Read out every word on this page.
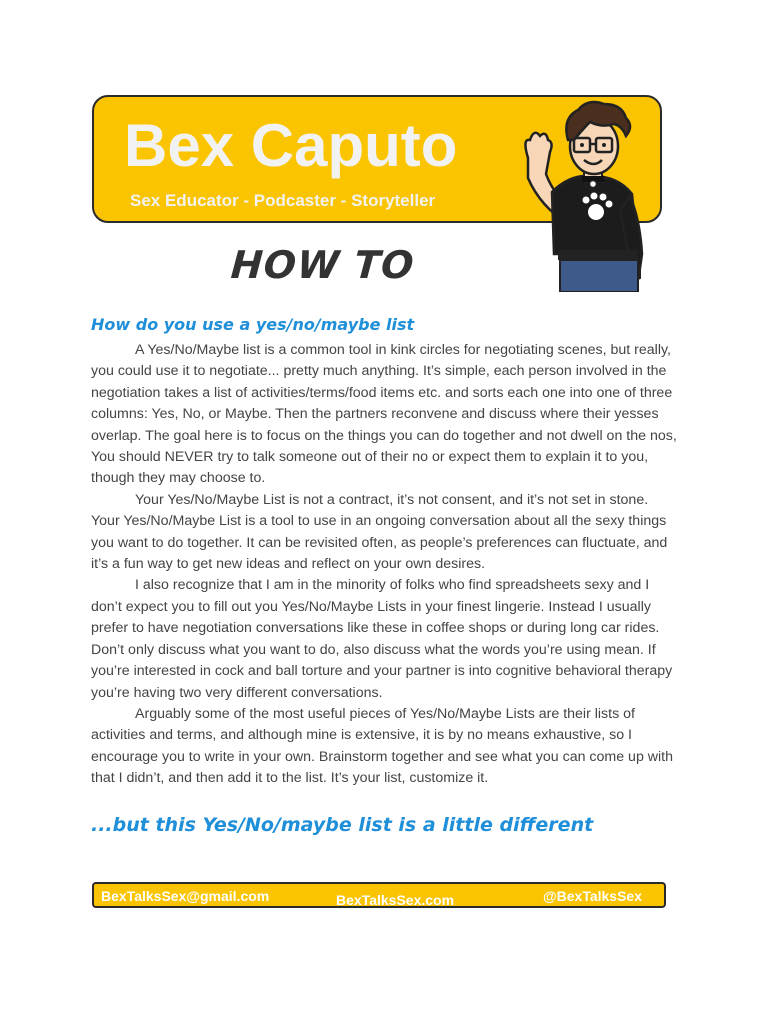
Bex Caputo
Sex Educator - Podcaster - Storyteller
HOW TO
How do you use a yes/no/maybe list

A Yes/No/Maybe list is a common tool in kink circles for negotiating scenes, but really, you could use it to negotiate... pretty much anything. It’s simple, each person involved in the negotiation takes a list of activities/terms/food items etc. and sorts each one into one of three columns: Yes, No, or Maybe. Then the partners reconvene and discuss where their yesses overlap. The goal here is to focus on the things you can do together and not dwell on the nos, You should NEVER try to talk someone out of their no or expect them to explain it to you, though they may choose to.

Your Yes/No/Maybe List is not a contract, it’s not consent, and it’s not set in stone. Your Yes/No/Maybe List is a tool to use in an ongoing conversation about all the sexy things you want to do together. It can be revisited often, as people’s preferences can fluctuate, and it’s a fun way to get new ideas and reflect on your own desires.

I also recognize that I am in the minority of folks who find spreadsheets sexy and I don’t expect you to fill out you Yes/No/Maybe Lists in your finest lingerie. Instead I usually prefer to have negotiation conversations like these in coffee shops or during long car rides. Don’t only discuss what you want to do, also discuss what the words you’re using mean. If you’re interested in cock and ball torture and your partner is into cognitive behavioral therapy you’re having two very different conversations.

Arguably some of the most useful pieces of Yes/No/Maybe Lists are their lists of activities and terms, and although mine is extensive, it is by no means exhaustive, so I encourage you to write in your own. Brainstorm together and see what you can come up with that I didn’t, and then add it to the list. It’s your list, customize it.

...but this Yes/No/maybe list is a little different
BexTalksSex@gmail.com	BexTalksSex.com	@BexTalksSex
